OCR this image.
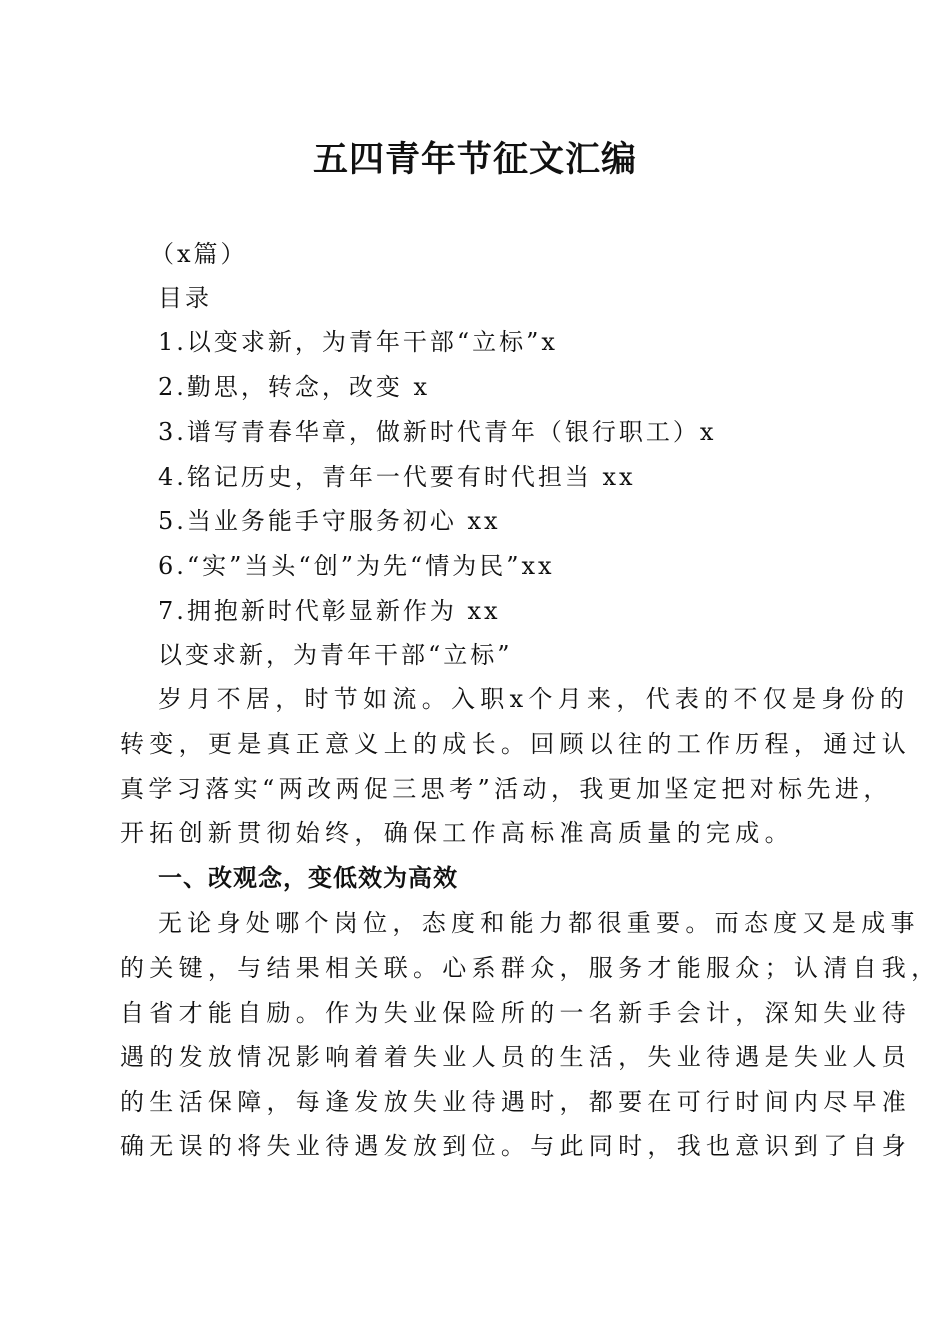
五四青年节征文汇编
（x篇）
目录
1.以变求新，为青年干部“立标”x
2.勤思，转念，改变 x
3.谱写青春华章，做新时代青年（银行职工）x
4.铭记历史，青年一代要有时代担当 xx
5.当业务能手守服务初心 xx
6.“实”当头“创”为先“情为民”xx
7.拥抱新时代彰显新作为 xx
以变求新，为青年干部“立标”
岁月不居，时节如流。入职x个月来，代表的不仅是身份的
转变，更是真正意义上的成长。回顾以往的工作历程，通过认
真学习落实“两改两促三思考”活动，我更加坚定把对标先进，
开拓创新贯彻始终，确保工作高标准高质量的完成。
一、改观念，变低效为高效
无论身处哪个岗位，态度和能力都很重要。而态度又是成事
的关键，与结果相关联。心系群众，服务才能服众；认清自我，
自省才能自励。作为失业保险所的一名新手会计，深知失业待
遇的发放情况影响着着失业人员的生活，失业待遇是失业人员
的生活保障，每逢发放失业待遇时，都要在可行时间内尽早准
确无误的将失业待遇发放到位。与此同时，我也意识到了自身
